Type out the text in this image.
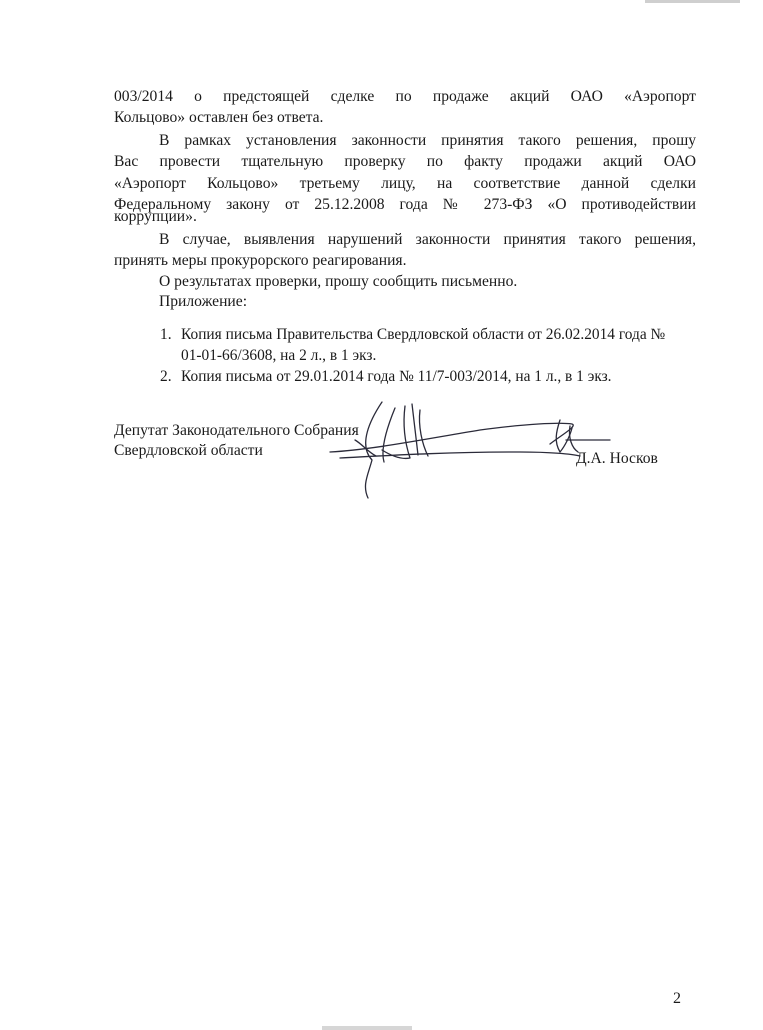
003/2014 о предстоящей сделке по продаже акций ОАО «Аэропорт

Кольцово» оставлен без ответа.

В рамках установления законности принятия такого решения, прошу

Вас провести тщательную проверку по факту продажи акций ОАО

«Аэропорт Кольцово» третьему лицу, на соответствие данной сделки

Федеральному закону от 25.12.2008 года № 273-ФЗ «О противодействии

коррупции».

В случае, выявления нарушений законности принятия такого решения,

принять меры прокурорского реагирования.

О результатах проверки, прошу сообщить письменно.

Приложение:

1. Копия письма Правительства Свердловской области от 26.02.2014 года №
01-01-66/3608, на 2 л., в 1 экз.
2. Копия письма от 29.01.2014 года № 11/7-003/2014, на 1 л., в 1 экз.
Депутат Законодательного Собрания
Свердловской области	Д.А. Носков
2
